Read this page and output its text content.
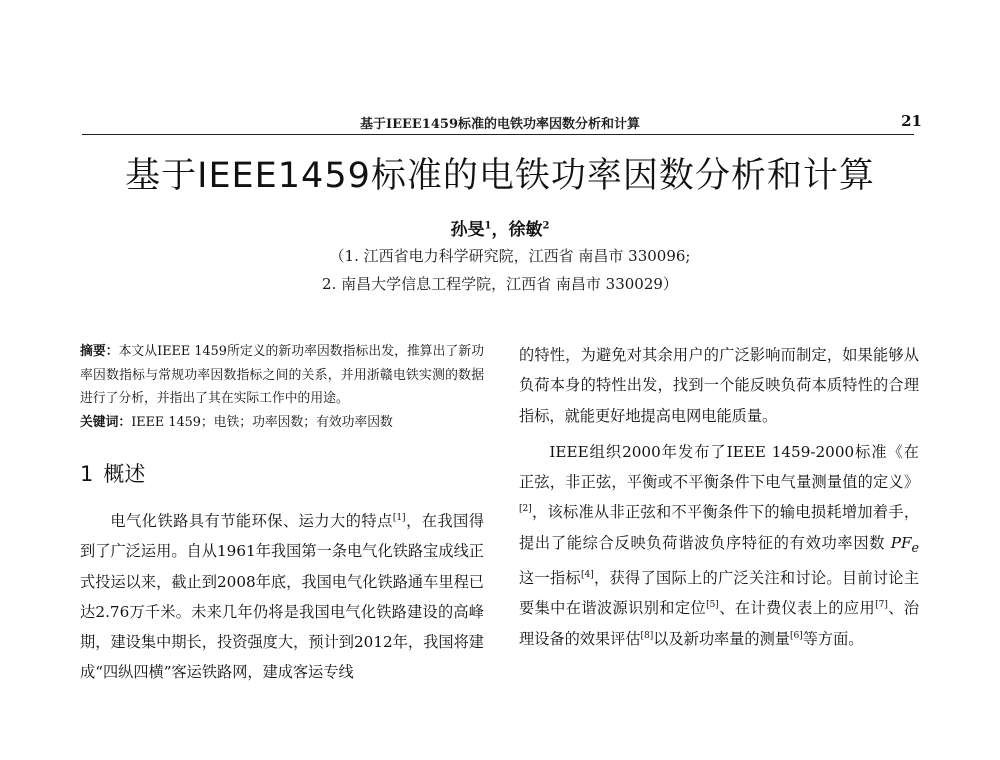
基于IEEE1459标准的电铁功率因数分析和计算	21
基于IEEE1459标准的电铁功率因数分析和计算
孙旻$^1$，徐敏$^2$
（1. 江西省电力科学研究院，江西省 南昌市 330096;
2. 南昌大学信息工程学院，江西省 南昌市 330029）

摘要：本文从IEEE 1459所定义的新功率因数指标出发，推算出了新功率因数指标与常规功率因数指标之间的关系，并用浙赣电铁实测的数据进行了分析，并指出了其在实际工作中的用途。

关键词：IEEE 1459；电铁；功率因数；有效功率因数

1 概述

电气化铁路具有节能环保、运力大的特点[1]，在我国得到了广泛运用。自从1961年我国第一条电气化铁路宝成线正式投运以来，截止到2008年底，我国电气化铁路通车里程已达2.76万千米。未来几年仍将是我国电气化铁路建设的高峰期，建设集中期长，投资强度大，预计到2012年，我国将建成“四纵四横”客运铁路网，建成客运专线

的特性，为避免对其余用户的广泛影响而制定，如果能够从负荷本身的特性出发，找到一个能反映负荷本质特性的合理指标，就能更好地提高电网电能质量。

IEEE组织2000年发布了IEEE 1459-2000标准《在正弦，非正弦，平衡或不平衡条件下电气量测量值的定义》[2]，该标准从非正弦和不平衡条件下的输电损耗增加着手，提出了能综合反映负荷谐波负序特征的有效功率因数 $PF_e$ 这一指标[4]，获得了国际上的广泛关注和讨论。目前讨论主要集中在谐波源识别和定位[5]、在计费仪表上的应用[7]、治理设备的效果评估[8]以及新功率量的测量[6]等方面。
